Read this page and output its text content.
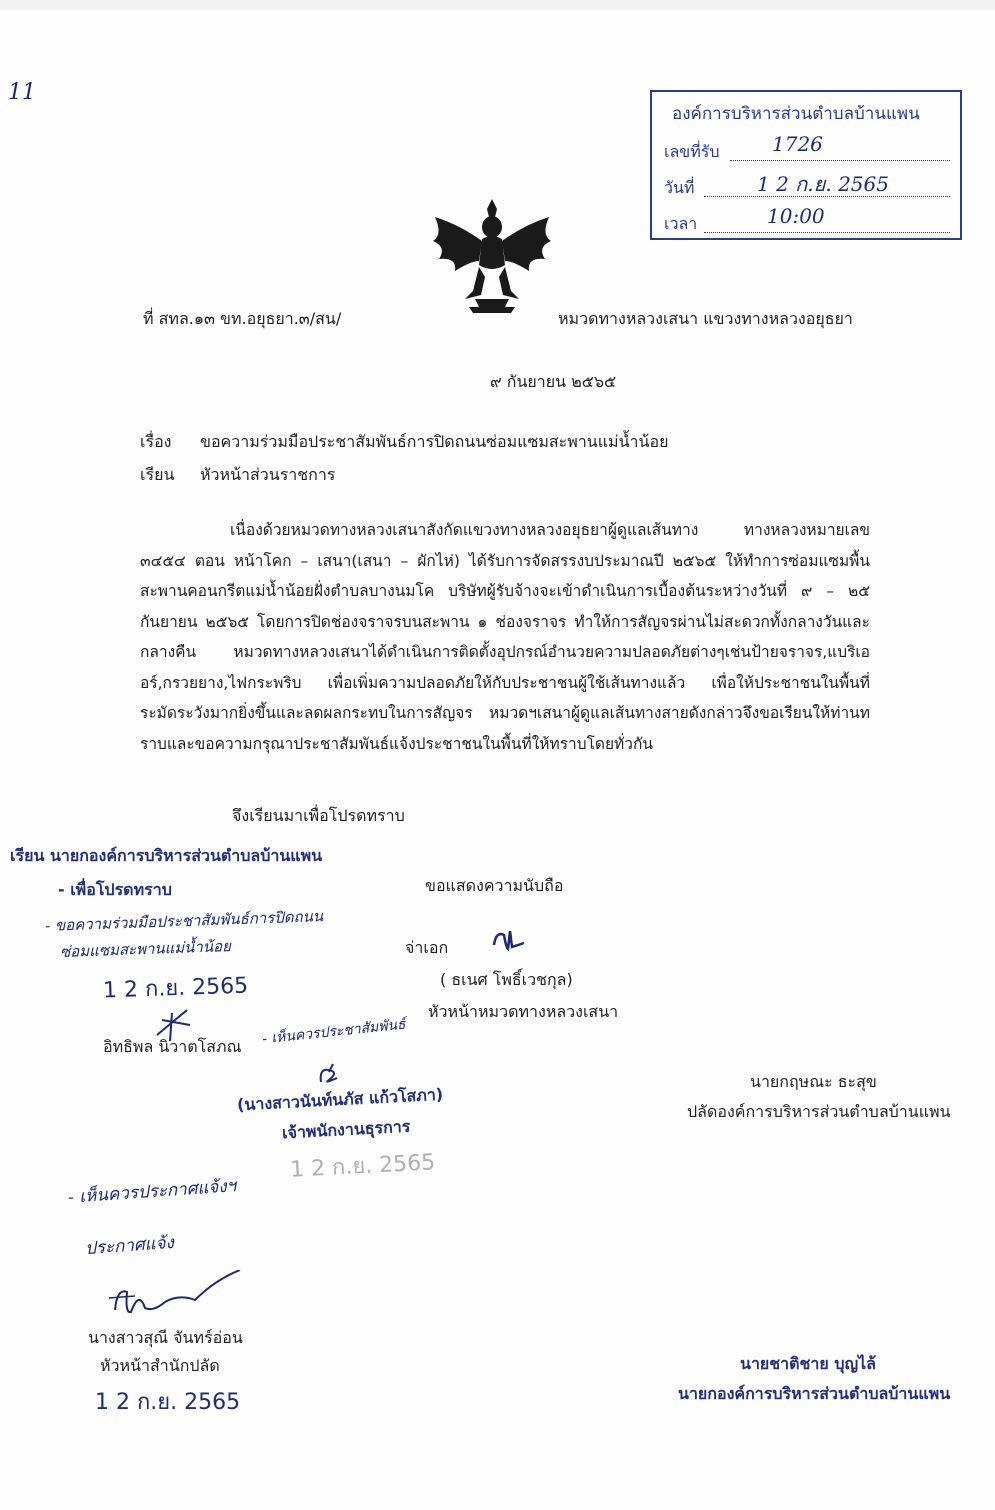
11
องค์การบริหารส่วนตำบลบ้านแพน
เลขที่รับ	1726
วันที่	1 2 ก.ย. 2565
เวลา	10:00
ที่ สทล.๑๓ ขท.อยุธยา.๓/สน/	หมวดทางหลวงเสนา แขวงทางหลวงอยุธยา
๙ กันยายน ๒๕๖๕
เรื่อง ขอความร่วมมือประชาสัมพันธ์การปิดถนนซ่อมแซมสะพานแม่น้ำน้อย
เรียน หัวหน้าส่วนราชการ
เนื่องด้วยหมวดทางหลวงเสนาสังกัดแขวงทางหลวงอยุธยาผู้ดูแลเส้นทาง ทางหลวงหมายเลข ๓๔๕๔ ตอน หน้าโคก – เสนา(เสนา – ผักไห่) ได้รับการจัดสรรงบประมาณปี ๒๕๖๕ ให้ทำการซ่อมแซมพื้นสะพานคอนกรีตแม่น้ำน้อยฝั่งตำบลบางนมโค บริษัทผู้รับจ้างจะเข้าดำเนินการเบื้องต้นระหว่างวันที่ ๙ – ๒๕ กันยายน ๒๕๖๕ โดยการปิดช่องจราจรบนสะพาน ๑ ช่องจราจร ทำให้การสัญจรผ่านไม่สะดวกทั้งกลางวันและกลางคืน หมวดทางหลวงเสนาได้ดำเนินการติดตั้งอุปกรณ์อำนวยความปลอดภัยต่างๆเช่นป้ายจราจร,แบริเออร์,กรวยยาง,ไฟกระพริบ เพื่อเพิ่มความปลอดภัยให้กับประชาชนผู้ใช้เส้นทางแล้ว เพื่อให้ประชาชนในพื้นที่ระมัดระวังมากยิ่งขึ้นและลดผลกระทบในการสัญจร หมวดฯเสนาผู้ดูแลเส้นทางสายดังกล่าวจึงขอเรียนให้ท่านทราบและขอความกรุณาประชาสัมพันธ์แจ้งประชาชนในพื้นที่ให้ทราบโดยทั่วกัน
จึงเรียนมาเพื่อโปรดทราบ
เรียน นายกองค์การบริหารส่วนตำบลบ้านแพน
- เพื่อโปรดทราบ
- ขอความร่วมมือประชาสัมพันธ์การปิดถนน
ซ่อมแซมสะพานแม่น้ำน้อย
ขอแสดงความนับถือ
จ่าเอก
( ธเนศ โพธิ์เวชกุล)
หัวหน้าหมวดทางหลวงเสนา
1 2 ก.ย. 2565
อิทธิพล นิวาตโสภณ - เห็นควรประชาสัมพันธ์
(นางสาวนันท์นภัส แก้วโสภา)
เจ้าพนักงานธุรการ
1 2 ก.ย. 2565
นายกฤษณะ ธะสุข
ปลัดองค์การบริหารส่วนตำบลบ้านแพน
- เห็นควรประกาศแจ้งฯ
ประกาศแจ้ง
นางสาวสุณี จันทร์อ่อน
หัวหน้าสำนักปลัด
1 2 ก.ย. 2565
นายชาติชาย บุญไล้
นายกองค์การบริหารส่วนตำบลบ้านแพน
